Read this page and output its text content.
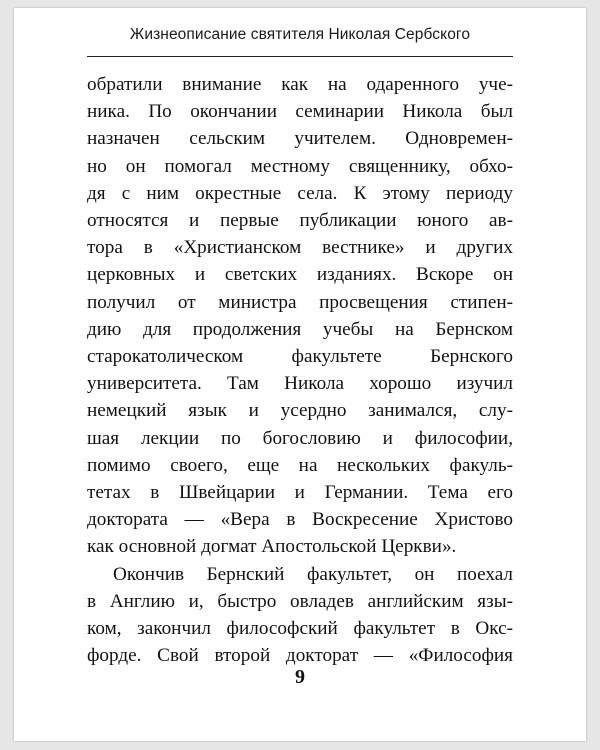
Жизнеописание святителя Николая Сербского
обратили внимание как на одаренного уче-
ника. По окончании семинарии Никола был
назначен сельским учителем. Одновремен-
но он помогал местному священнику, обхо-
дя с ним окрестные села. К этому периоду
относятся и первые публикации юного ав-
тора в «Христианском вестнике» и других
церковных и светских изданиях. Вскоре он
получил от министра просвещения стипен-
дию для продолжения учебы на Бернском
старокатолическом факультете Бернского
университета. Там Никола хорошо изучил
немецкий язык и усердно занимался, слу-
шая лекции по богословию и философии,
помимо своего, еще на нескольких факуль-
тетах в Швейцарии и Германии. Тема его
доктората — «Вера в Воскресение Христово
как основной догмат Апостольской Церкви».
Окончив Бернский факультет, он поехал
в Англию и, быстро овладев английским язы-
ком, закончил философский факультет в Окс-
форде. Свой второй докторат — «Философия
9
